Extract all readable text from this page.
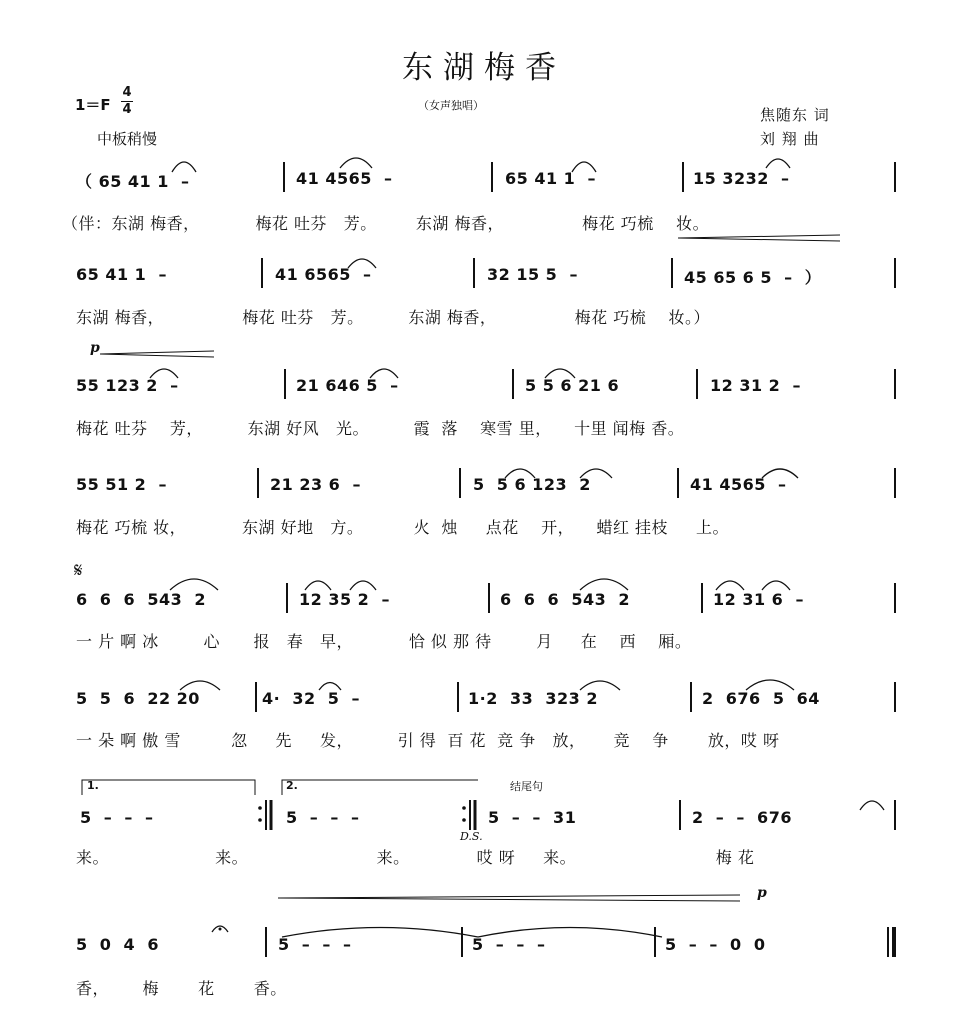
东湖梅香
（女声独唱）
1＝F
4
4
中板稍慢
焦随东 词
刘 翔 曲
（ 65 41 1  –	41 4565  –	65 41 1  –	15 3232  –
（伴：东湖 梅香，          梅花 吐芬   芳。       东湖 梅香，              梅花 巧梳    妆。
65 41 1  –	41 6565  –	32 15 5  –	45 65 6 5  –  ）
东湖 梅香，              梅花 吐芬   芳。        东湖 梅香，              梅花 巧梳    妆。）
55 123 2  –	21 646 5  –	5 5 6 21 6	12 31 2  –
梅花 吐芬    芳，        东湖 好风   光。        霞  落    寒雪 里，    十里 闻梅 香。
55 51 2  –	21 23 6  –	5  5 6 123  2	41 4565  –
梅花 巧梳 妆，          东湖 好地   方。         火  烛     点花    开，    蜡红 挂枝     上。
𝄋
6  6  6  543  2	12 35 2  –	6  6  6  543  2	12 31 6  –
一 片 啊 冰        心      报   春   早，          恰 似 那 待        月     在    西    厢。
5  5  6  22 20	4·  32  5  –	1·2  33  323 2	2  676  5  64
一 朵 啊 傲 雪         忽     先     发，        引 得  百 花  竞 争   放，     竞    争       放，哎 呀
1.	2.	结尾句
5  –  –  –	5  –  –  –	5  –  –  31	2  –  –  676
D.S.
来。                   来。                       来。            哎 呀     来。                         梅 花
p
5  0  4  6	5  –  –  –	5  –  –  –	5  –  –  0  0
香，      梅       花       香。
p
